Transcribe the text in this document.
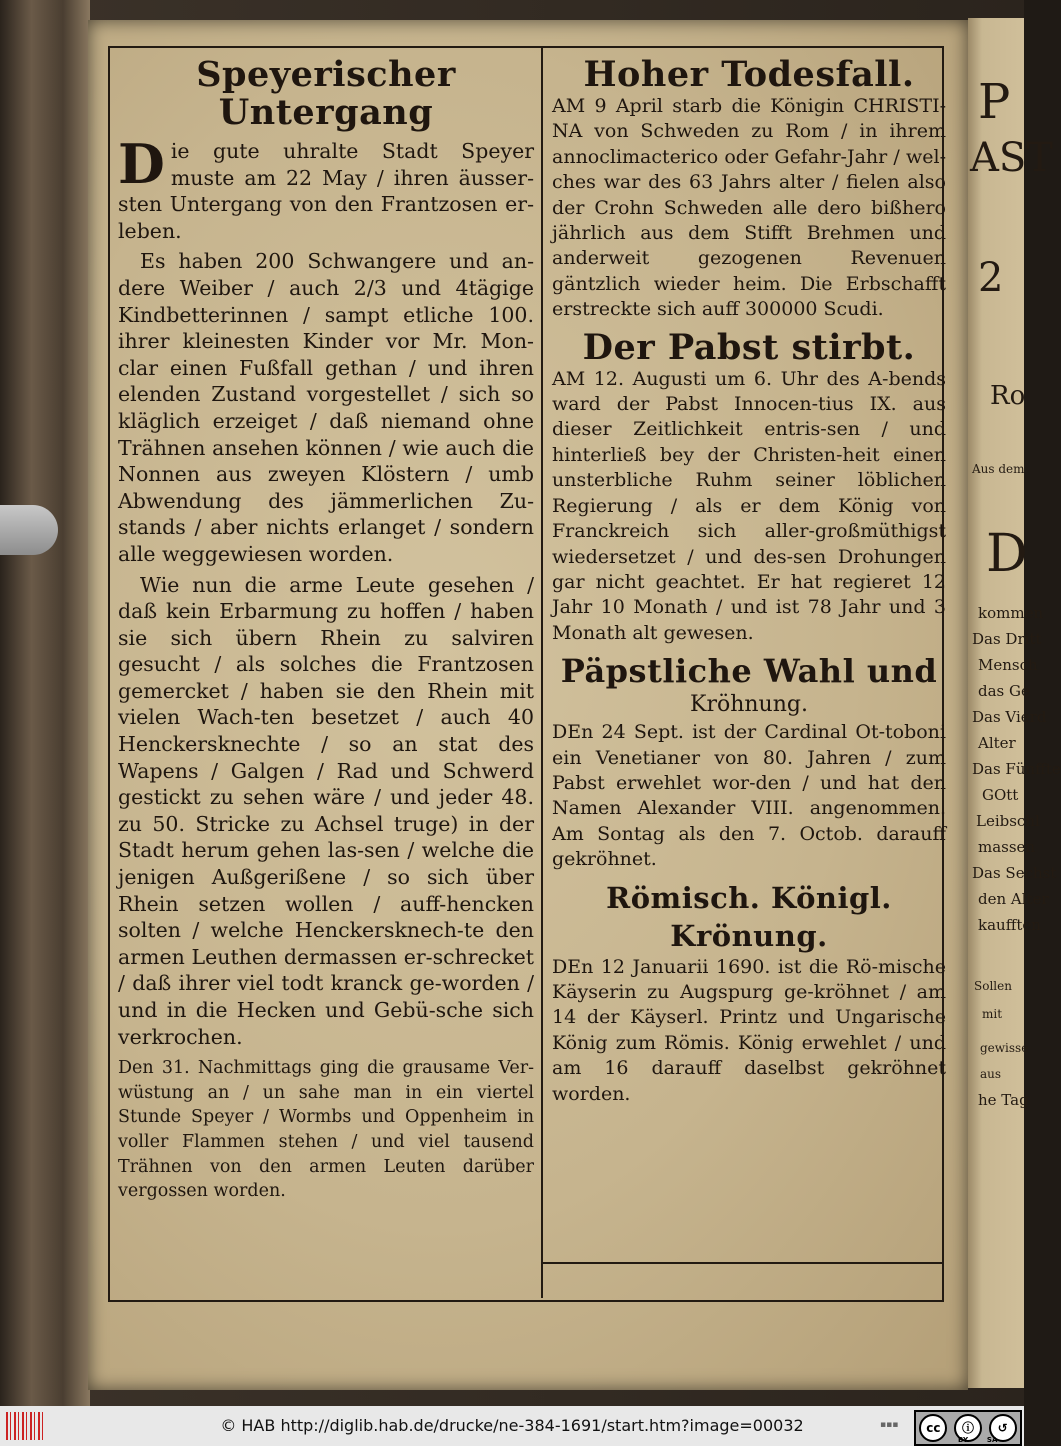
Speyerischer Untergang

D ie gute uhralte Stadt Speyer muste am 22 May / ihren äusser-sten Untergang von den Frantzosen er-leben.

Es haben 200 Schwangere und an-dere Weiber / auch 2/3 und 4tägige Kindbetterinnen / sampt etliche 100. ihrer kleinesten Kinder vor Mr. Mon-clar einen Fußfall gethan / und ihren elenden Zustand vorgestellet / sich so kläglich erzeiget / daß niemand ohne Trähnen ansehen können / wie auch die Nonnen aus zweyen Klöstern / umb Abwendung des jämmerlichen Zu-stands / aber nichts erlanget / sondern alle weggewiesen worden.

Wie nun die arme Leute gesehen / daß kein Erbarmung zu hoffen / haben sie sich übern Rhein zu salviren gesucht / als solches die Frantzosen gemercket / haben sie den Rhein mit vielen Wach-ten besetzet / auch 40 Henckersknechte / so an stat des Wapens / Galgen / Rad und Schwerd gestickt zu sehen wäre / und jeder 48. zu 50. Stricke zu Achsel truge) in der Stadt herum gehen las-sen / welche die jenigen Außgerißene / so sich über Rhein setzen wollen / auff-hencken solten / welche Henckersknech-te den armen Leuthen dermassen er-schrecket / daß ihrer viel todt kranck ge-worden / und in die Hecken und Gebü-sche sich verkrochen.

Den 31. Nachmittags ging die grausame Ver-wüstung an / un sahe man in ein viertel Stunde Speyer / Wormbs und Oppenheim in voller Flammen stehen / und viel tausend Trähnen von den armen Leuten darüber vergossen worden.

Hoher Todesfall.

AM 9 April starb die Königin CHRISTI-NA von Schweden zu Rom / in ihrem annoclimacterico oder Gefahr-Jahr / wel-ches war des 63 Jahrs alter / fielen also der Crohn Schweden alle dero bißhero jährlich aus dem Stifft Brehmen und anderweit gezogenen Revenuen gäntzlich wieder heim. Die Erbschafft erstreckte sich auff 300000 Scudi.

Der Pabst stirbt.

AM 12. Augusti um 6. Uhr des A-bends ward der Pabst Innocen-tius IX. aus dieser Zeitlichkeit entris-sen / und hinterließ bey der Christen-heit einen unsterbliche Ruhm seiner löblichen Regierung / als er dem König von Franckreich sich aller-großmüthigst wiedersetzet / und des-sen Drohungen gar nicht geachtet. Er hat regieret 12 Jahr 10 Monath / und ist 78 Jahr und 3 Monath alt gewesen.

Päpstliche Wahl und

Kröhnung.

DEn 24 Sept. ist der Cardinal Ot-toboni ein Venetianer von 80. Jahren / zum Pabst erwehlet wor-den / und hat den Namen Alexander VIII. angenommen. Am Sontag als den 7. Octob. darauff gekröhnet.

Römisch. Königl. Krönung.

DEn 12 Januarii 1690. ist die Rö-mische Käyserin zu Augspurg ge-kröhnet / am 14 der Käyserl. Printz und Ungarische König zum Römis. König erwehlet / und am 16 darauff daselbst gekröhnet worden.

P
AST
2
Ro
Aus dem
D
kommen
Das Dritt
Mensch
das Ge
Das Vierd
Alter
Das Fünffte
GOtt
Leibschl
massen
Das Sechst
den Alter
kaufften
Sollen
mit
gewisse
aus
he Tag
© HAB http://diglib.hab.de/drucke/ne-384-1691/start.htm?image=00032	▪▪▪	cc	ⓘ	↺
BY	SA
